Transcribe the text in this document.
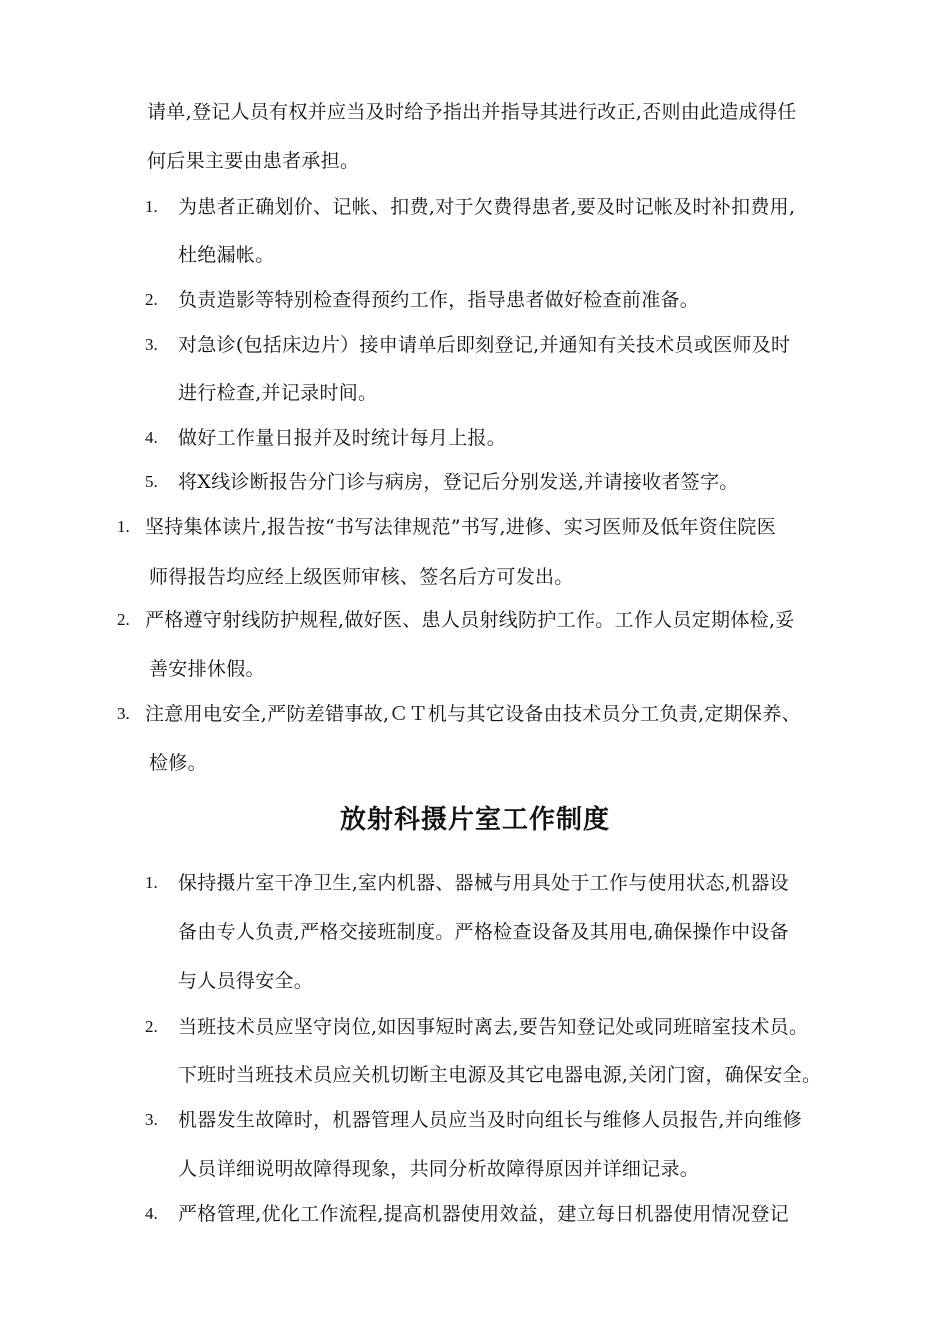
请单,登记人员有权并应当及时给予指出并指导其进行改正,否则由此造成得任
何后果主要由患者承担。
1. 为患者正确划价、记帐、扣费,对于欠费得患者,要及时记帐及时补扣费用,
杜绝漏帐。
2. 负责造影等特别检查得预约工作，指导患者做好检查前准备。
3. 对急诊(包括床边片）接申请单后即刻登记,并通知有关技术员或医师及时
进行检查,并记录时间。
4. 做好工作量日报并及时统计每月上报。
5. 将X线诊断报告分门诊与病房，登记后分别发送,并请接收者签字。
1. 坚持集体读片,报告按“书写法律规范”书写,进修、实习医师及低年资住院医
师得报告均应经上级医师审核、签名后方可发出。
2. 严格遵守射线防护规程,做好医、患人员射线防护工作。工作人员定期体检,妥
善安排休假。
3. 注意用电安全,严防差错事故,ＣＴ机与其它设备由技术员分工负责,定期保养、
检修。
放射科摄片室工作制度
1. 保持摄片室干净卫生,室内机器、器械与用具处于工作与使用状态,机器设
备由专人负责,严格交接班制度。严格检查设备及其用电,确保操作中设备
与人员得安全。
2. 当班技术员应坚守岗位,如因事短时离去,要告知登记处或同班暗室技术员。
下班时当班技术员应关机切断主电源及其它电器电源,关闭门窗，确保安全。
3. 机器发生故障时，机器管理人员应当及时向组长与维修人员报告,并向维修
人员详细说明故障得现象，共同分析故障得原因并详细记录。
4. 严格管理,优化工作流程,提高机器使用效益，建立每日机器使用情况登记
